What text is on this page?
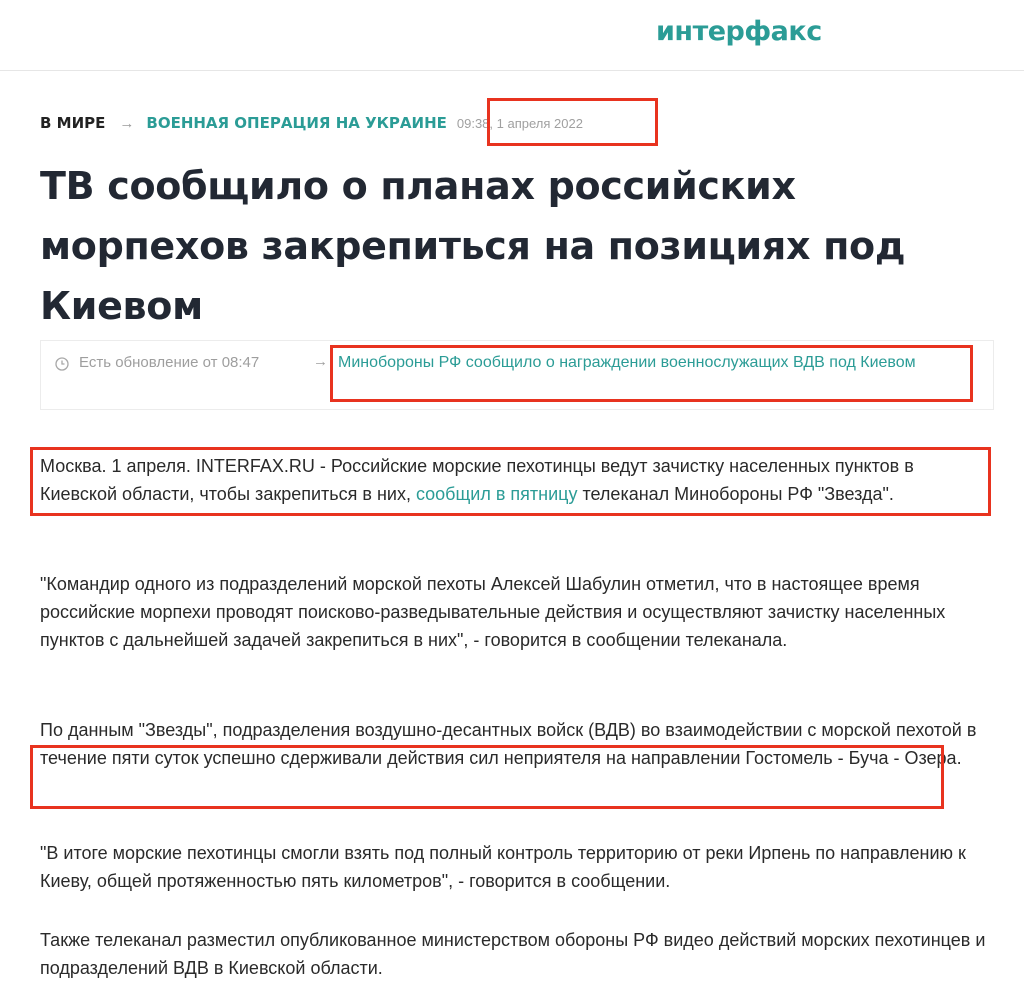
интерфакс
В МИРЕ → ВОЕННАЯ ОПЕРАЦИЯ НА УКРАИНЕ 09:38, 1 апреля 2022
ТВ сообщило о планах российских морпехов закрепиться на позициях под Киевом
Есть обновление от 08:47	→ Минобороны РФ сообщило о награждении военнослужащих ВДВ под Киевом

Москва. 1 апреля. INTERFAX.RU - Российские морские пехотинцы ведут зачистку населенных пунктов в Киевской области, чтобы закрепиться в них, сообщил в пятницу телеканал Минобороны РФ "Звезда".

"Командир одного из подразделений морской пехоты Алексей Шабулин отметил, что в настоящее время российские морпехи проводят поисково-разведывательные действия и осуществляют зачистку населенных пунктов с дальнейшей задачей закрепиться в них", - говорится в сообщении телеканала.

По данным "Звезды", подразделения воздушно-десантных войск (ВДВ) во взаимодействии с морской пехотой в течение пяти суток успешно сдерживали действия сил неприятеля на направлении Гостомель - Буча - Озера.

"В итоге морские пехотинцы смогли взять под полный контроль территорию от реки Ирпень по направлению к Киеву, общей протяженностью пять километров", - говорится в сообщении.

Также телеканал разместил опубликованное министерством обороны РФ видео действий морских пехотинцев и подразделений ВДВ в Киевской области.
